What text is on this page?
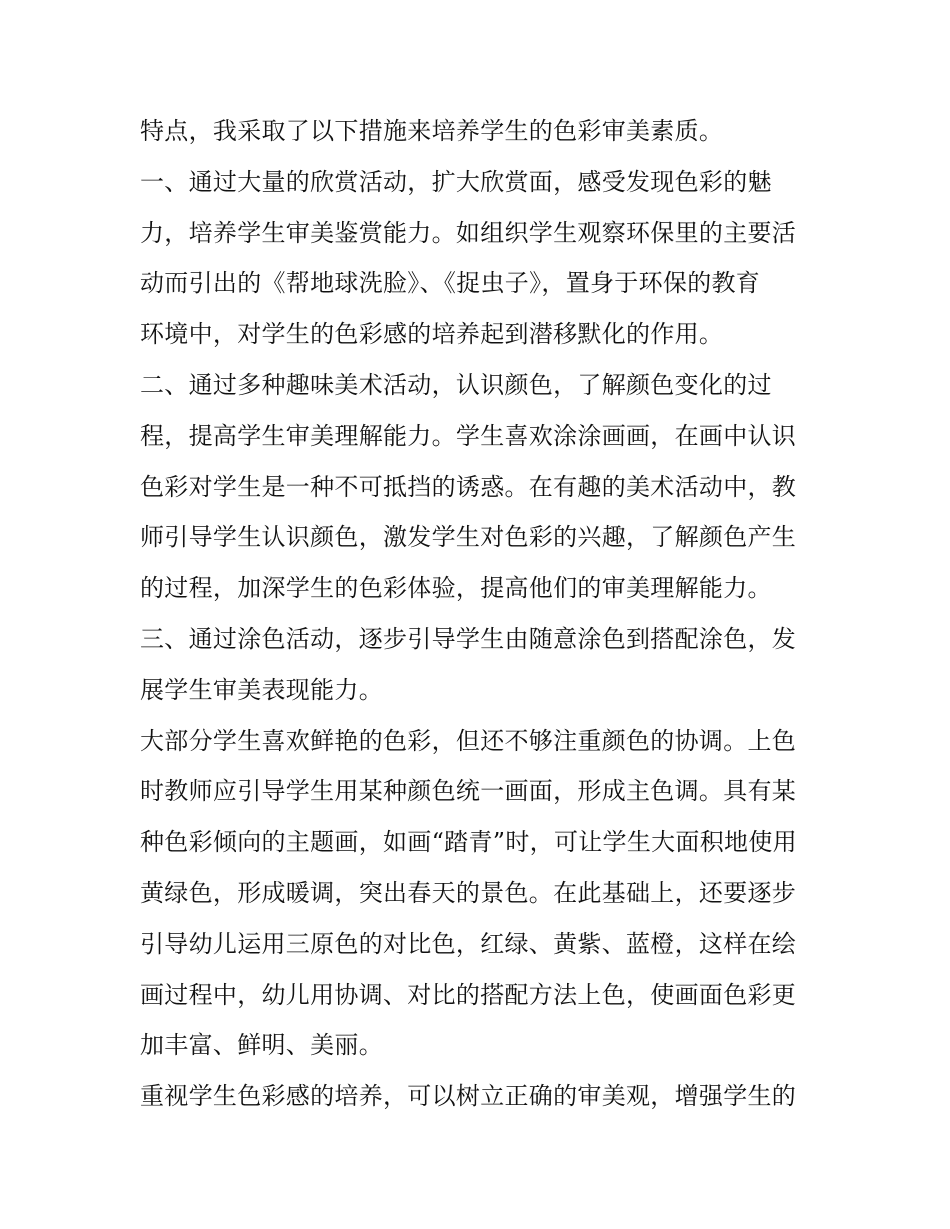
特点，我采取了以下措施来培养学生的色彩审美素质。
一、通过大量的欣赏活动，扩大欣赏面，感受发现色彩的魅
力，培养学生审美鉴赏能力。如组织学生观察环保里的主要活
动而引出的《帮地球洗脸》、《捉虫子》，置身于环保的教育
环境中，对学生的色彩感的培养起到潜移默化的作用。
二、通过多种趣味美术活动，认识颜色，了解颜色变化的过
程，提高学生审美理解能力。学生喜欢涂涂画画，在画中认识
色彩对学生是一种不可抵挡的诱惑。在有趣的美术活动中，教
师引导学生认识颜色，激发学生对色彩的兴趣，了解颜色产生
的过程，加深学生的色彩体验，提高他们的审美理解能力。
三、通过涂色活动，逐步引导学生由随意涂色到搭配涂色，发
展学生审美表现能力。
大部分学生喜欢鲜艳的色彩，但还不够注重颜色的协调。上色
时教师应引导学生用某种颜色统一画面，形成主色调。具有某
种色彩倾向的主题画，如画“踏青”时，可让学生大面积地使用
黄绿色，形成暖调，突出春天的景色。在此基础上，还要逐步
引导幼儿运用三原色的对比色，红绿、黄紫、蓝橙，这样在绘
画过程中，幼儿用协调、对比的搭配方法上色，使画面色彩更
加丰富、鲜明、美丽。
重视学生色彩感的培养，可以树立正确的审美观，增强学生的
